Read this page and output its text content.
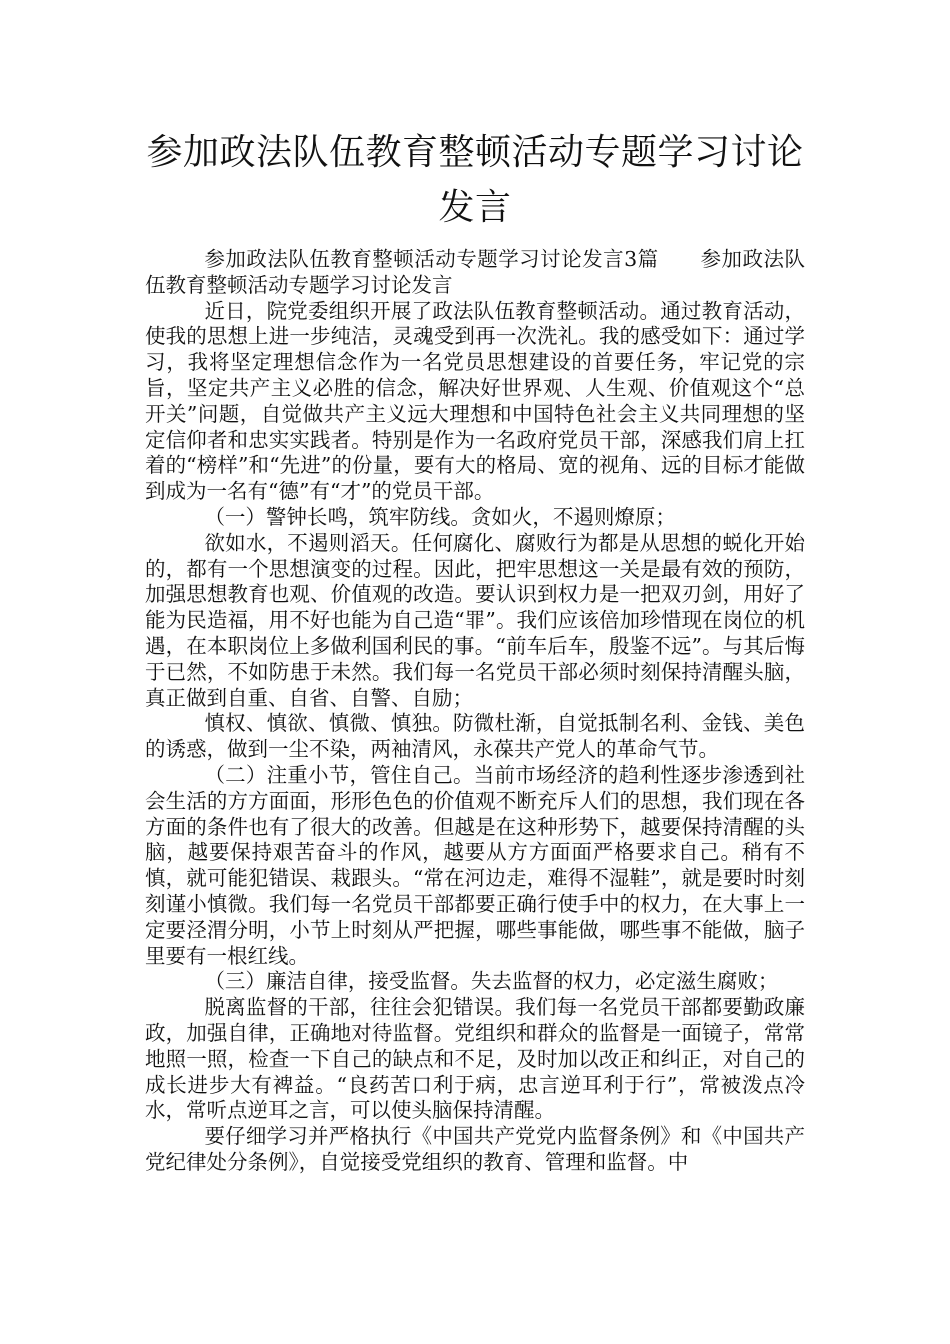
参加政法队伍教育整顿活动专题学习讨论发言

参加政法队伍教育整顿活动专题学习讨论发言3篇　　参加政法队伍教育整顿活动专题学习讨论发言

近日，院党委组织开展了政法队伍教育整顿活动。通过教育活动，使我的思想上进一步纯洁，灵魂受到再一次洗礼。我的感受如下：通过学习，我将坚定理想信念作为一名党员思想建设的首要任务，牢记党的宗旨，坚定共产主义必胜的信念，解决好世界观、人生观、价值观这个“总开关”问题，自觉做共产主义远大理想和中国特色社会主义共同理想的坚定信仰者和忠实实践者。特别是作为一名政府党员干部，深感我们肩上扛着的“榜样”和“先进”的份量，要有大的格局、宽的视角、远的目标才能做到成为一名有“德”有“才”的党员干部。

（一）警钟长鸣，筑牢防线。贪如火，不遏则燎原；

欲如水，不遏则滔天。任何腐化、腐败行为都是从思想的蜕化开始的，都有一个思想演变的过程。因此，把牢思想这一关是最有效的预防，加强思想教育也观、价值观的改造。要认识到权力是一把双刃剑，用好了能为民造福，用不好也能为自己造“罪”。我们应该倍加珍惜现在岗位的机遇，在本职岗位上多做利国利民的事。“前车后车，殷鉴不远”。与其后悔于已然，不如防患于未然。我们每一名党员干部必须时刻保持清醒头脑，真正做到自重、自省、自警、自励；

慎权、慎欲、慎微、慎独。防微杜渐，自觉抵制名利、金钱、美色的诱惑，做到一尘不染，两袖清风，永葆共产党人的革命气节。

（二）注重小节，管住自己。当前市场经济的趋利性逐步渗透到社会生活的方方面面，形形色色的价值观不断充斥人们的思想，我们现在各方面的条件也有了很大的改善。但越是在这种形势下，越要保持清醒的头脑，越要保持艰苦奋斗的作风，越要从方方面面严格要求自己。稍有不慎，就可能犯错误、栽跟头。“常在河边走，难得不湿鞋”，就是要时时刻刻谨小慎微。我们每一名党员干部都要正确行使手中的权力，在大事上一定要泾渭分明，小节上时刻从严把握，哪些事能做，哪些事不能做，脑子里要有一根红线。

（三）廉洁自律，接受监督。失去监督的权力，必定滋生腐败；

脱离监督的干部，往往会犯错误。我们每一名党员干部都要勤政廉政，加强自律，正确地对待监督。党组织和群众的监督是一面镜子，常常地照一照，检查一下自己的缺点和不足，及时加以改正和纠正，对自己的成长进步大有裨益。“良药苦口利于病，忠言逆耳利于行”，常被泼点冷水，常听点逆耳之言，可以使头脑保持清醒。

要仔细学习并严格执行《中国共产党党内监督条例》和《中国共产党纪律处分条例》，自觉接受党组织的教育、管理和监督。中
